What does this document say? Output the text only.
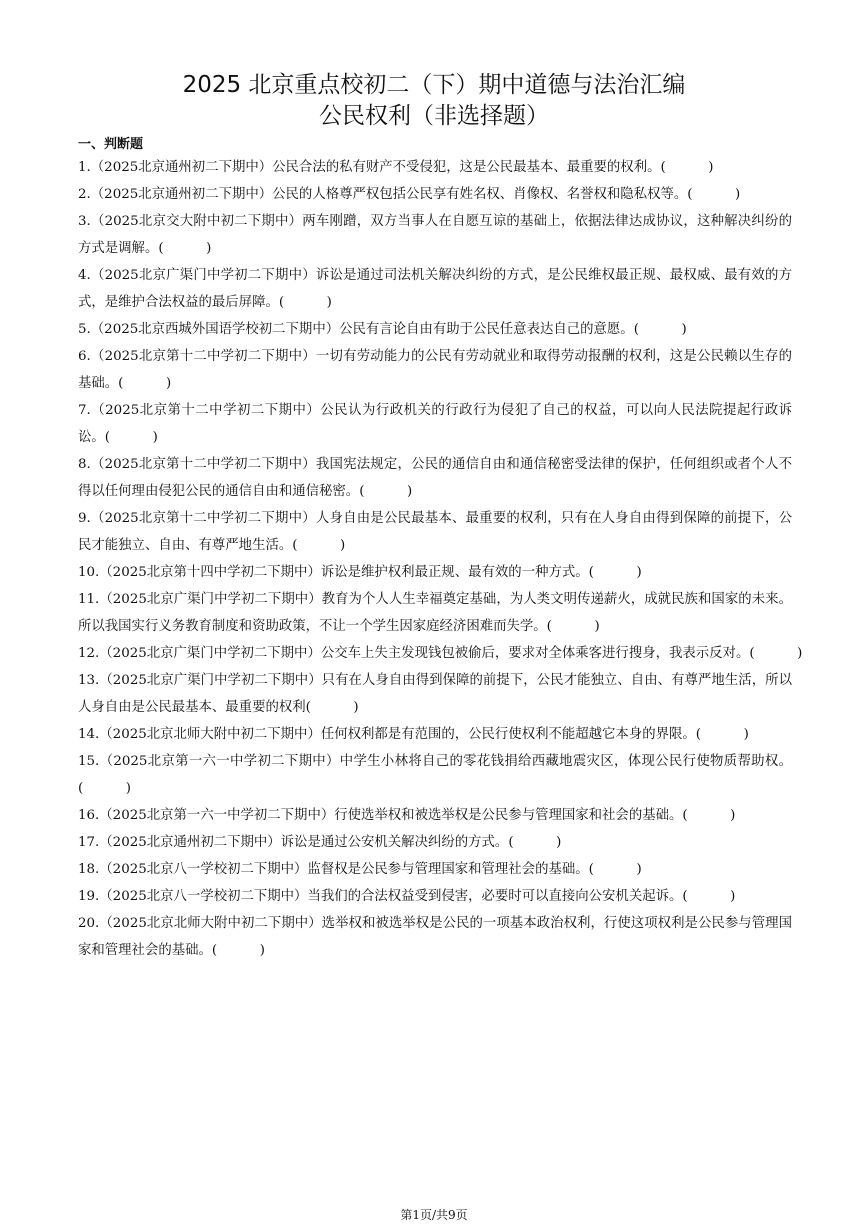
2025 北京重点校初二（下）期中道德与法治汇编
公民权利（非选择题）
一、判断题
1.（2025北京通州初二下期中）公民合法的私有财产不受侵犯，这是公民最基本、最重要的权利。(          )
2.（2025北京通州初二下期中）公民的人格尊严权包括公民享有姓名权、肖像权、名誉权和隐私权等。(          )
3.（2025北京交大附中初二下期中）两车刚蹭，双方当事人在自愿互谅的基础上，依据法律达成协议，这种解决纠纷的方式是调解。(          )
4.（2025北京广渠门中学初二下期中）诉讼是通过司法机关解决纠纷的方式，是公民维权最正规、最权威、最有效的方式，是维护合法权益的最后屏障。(          )
5.（2025北京西城外国语学校初二下期中）公民有言论自由有助于公民任意表达自己的意愿。(          )
6.（2025北京第十二中学初二下期中）一切有劳动能力的公民有劳动就业和取得劳动报酬的权利，这是公民赖以生存的基础。(          )
7.（2025北京第十二中学初二下期中）公民认为行政机关的行政行为侵犯了自己的权益，可以向人民法院提起行政诉讼。(          )
8.（2025北京第十二中学初二下期中）我国宪法规定，公民的通信自由和通信秘密受法律的保护，任何组织或者个人不得以任何理由侵犯公民的通信自由和通信秘密。(          )
9.（2025北京第十二中学初二下期中）人身自由是公民最基本、最重要的权利，只有在人身自由得到保障的前提下，公民才能独立、自由、有尊严地生活。(          )
10.（2025北京第十四中学初二下期中）诉讼是维护权利最正规、最有效的一种方式。(          )
11.（2025北京广渠门中学初二下期中）教育为个人人生幸福奠定基础，为人类文明传递薪火，成就民族和国家的未来。所以我国实行义务教育制度和资助政策，不让一个学生因家庭经济困难而失学。(          )
12.（2025北京广渠门中学初二下期中）公交车上失主发现钱包被偷后，要求对全体乘客进行搜身，我表示反对。(          )
13.（2025北京广渠门中学初二下期中）只有在人身自由得到保障的前提下，公民才能独立、自由、有尊严地生活，所以人身自由是公民最基本、最重要的权利(          )
14.（2025北京北师大附中初二下期中）任何权利都是有范围的，公民行使权利不能超越它本身的界限。(          )
15.（2025北京第一六一中学初二下期中）中学生小林将自己的零花钱捐给西藏地震灾区，体现公民行使物质帮助权。(          )
16.（2025北京第一六一中学初二下期中）行使选举权和被选举权是公民参与管理国家和社会的基础。(          )
17.（2025北京通州初二下期中）诉讼是通过公安机关解决纠纷的方式。(          )
18.（2025北京八一学校初二下期中）监督权是公民参与管理国家和管理社会的基础。(          )
19.（2025北京八一学校初二下期中）当我们的合法权益受到侵害，必要时可以直接向公安机关起诉。(          )
20.（2025北京北师大附中初二下期中）选举权和被选举权是公民的一项基本政治权利，行使这项权利是公民参与管理国家和管理社会的基础。(          )
第1页/共9页
